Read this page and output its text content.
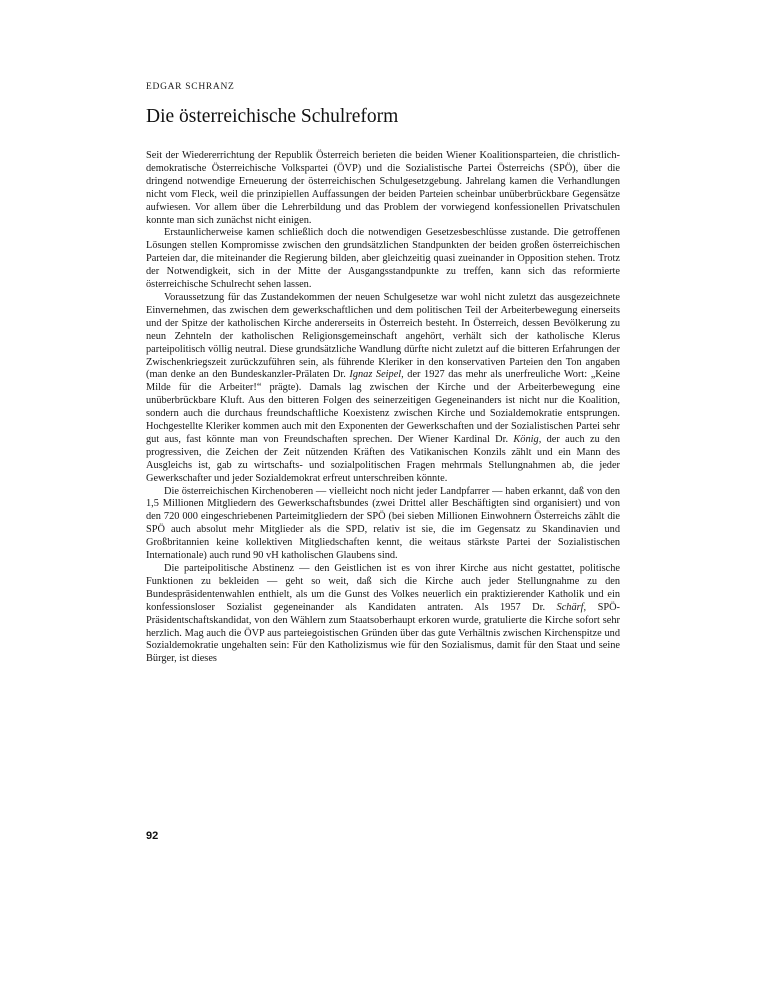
EDGAR SCHRANZ

Die österreichische Schulreform

Seit der Wiedererrichtung der Republik Österreich berieten die beiden Wiener Koalitionsparteien, die christlich-demokratische Österreichische Volkspartei (ÖVP) und die Sozialistische Partei Österreichs (SPÖ), über die dringend notwendige Erneuerung der österreichischen Schulgesetzgebung. Jahrelang kamen die Verhandlungen nicht vom Fleck, weil die prinzipiellen Auffassungen der beiden Parteien scheinbar unüberbrückbare Gegensätze aufwiesen. Vor allem über die Lehrerbildung und das Problem der vorwiegend konfessionellen Privatschulen konnte man sich zunächst nicht einigen.

Erstaunlicherweise kamen schließlich doch die notwendigen Gesetzesbeschlüsse zustande. Die getroffenen Lösungen stellen Kompromisse zwischen den grundsätzlichen Standpunkten der beiden großen österreichischen Parteien dar, die miteinander die Regierung bilden, aber gleichzeitig quasi zueinander in Opposition stehen. Trotz der Notwendigkeit, sich in der Mitte der Ausgangsstandpunkte zu treffen, kann sich das reformierte österreichische Schulrecht sehen lassen.

Voraussetzung für das Zustandekommen der neuen Schulgesetze war wohl nicht zuletzt das ausgezeichnete Einvernehmen, das zwischen dem gewerkschaftlichen und dem politischen Teil der Arbeiterbewegung einerseits und der Spitze der katholischen Kirche andererseits in Österreich besteht. In Österreich, dessen Bevölkerung zu neun Zehnteln der katholischen Religionsgemeinschaft angehört, verhält sich der katholische Klerus parteipolitisch völlig neutral. Diese grundsätzliche Wandlung dürfte nicht zuletzt auf die bitteren Erfahrungen der Zwischenkriegszeit zurückzuführen sein, als führende Kleriker in den konservativen Parteien den Ton angaben (man denke an den Bundeskanzler-Prälaten Dr. Ignaz Seipel, der 1927 das mehr als unerfreuliche Wort: „Keine Milde für die Arbeiter!“ prägte). Damals lag zwischen der Kirche und der Arbeiterbewegung eine unüberbrückbare Kluft. Aus den bitteren Folgen des seinerzeitigen Gegeneinanders ist nicht nur die Koalition, sondern auch die durchaus freundschaftliche Koexistenz zwischen Kirche und Sozialdemokratie entsprungen. Hochgestellte Kleriker kommen auch mit den Exponenten der Gewerkschaften und der Sozialistischen Partei sehr gut aus, fast könnte man von Freundschaften sprechen. Der Wiener Kardinal Dr. König, der auch zu den progressiven, die Zeichen der Zeit nützenden Kräften des Vatikanischen Konzils zählt und ein Mann des Ausgleichs ist, gab zu wirtschafts- und sozialpolitischen Fragen mehrmals Stellungnahmen ab, die jeder Gewerkschafter und jeder Sozialdemokrat erfreut unterschreiben könnte.

Die österreichischen Kirchenoberen — vielleicht noch nicht jeder Landpfarrer — haben erkannt, daß von den 1,5 Millionen Mitgliedern des Gewerkschaftsbundes (zwei Drittel aller Beschäftigten sind organisiert) und von den 720 000 eingeschriebenen Parteimitgliedern der SPÖ (bei sieben Millionen Einwohnern Österreichs zählt die SPÖ auch absolut mehr Mitglieder als die SPD, relativ ist sie, die im Gegensatz zu Skandinavien und Großbritannien keine kollektiven Mitgliedschaften kennt, die weitaus stärkste Partei der Sozialistischen Internationale) auch rund 90 vH katholischen Glaubens sind.

Die parteipolitische Abstinenz — den Geistlichen ist es von ihrer Kirche aus nicht gestattet, politische Funktionen zu bekleiden — geht so weit, daß sich die Kirche auch jeder Stellungnahme zu den Bundespräsidentenwahlen enthielt, als um die Gunst des Volkes neuerlich ein praktizierender Katholik und ein konfessionsloser Sozialist gegeneinander als Kandidaten antraten. Als 1957 Dr. Schärf, SPÖ-Präsidentschaftskandidat, von den Wählern zum Staatsoberhaupt erkoren wurde, gratulierte die Kirche sofort sehr herzlich. Mag auch die ÖVP aus parteiegoistischen Gründen über das gute Verhältnis zwischen Kirchenspitze und Sozialdemokratie ungehalten sein: Für den Katholizismus wie für den Sozialismus, damit für den Staat und seine Bürger, ist dieses

92
